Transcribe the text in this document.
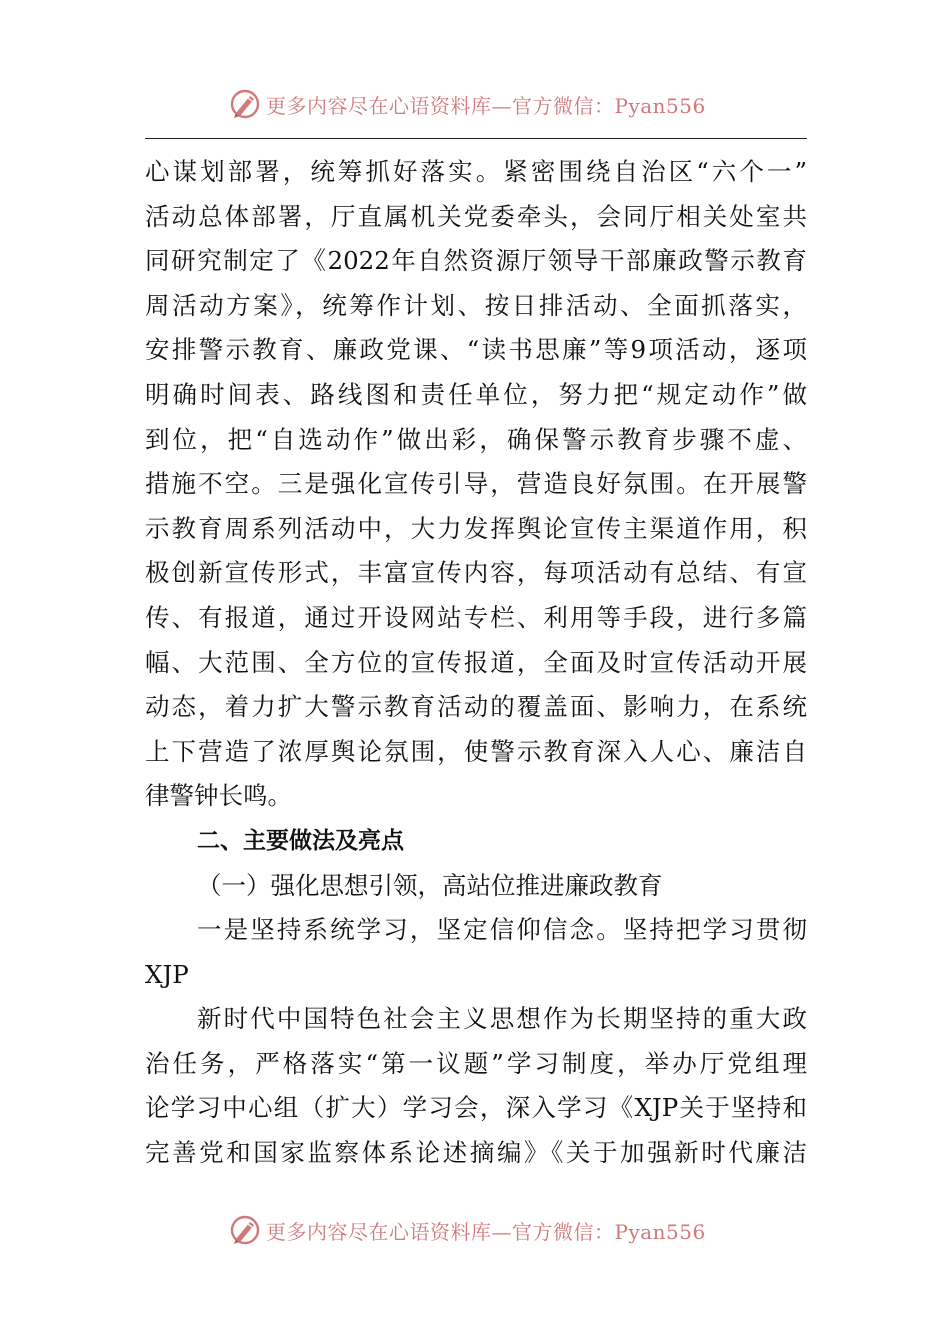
更多内容尽在心语资料库—官方微信：Pyan556
心谋划部署，统筹抓好落实。紧密围绕自治区“六个一”
活动总体部署，厅直属机关党委牵头，会同厅相关处室共
同研究制定了《2022年自然资源厅领导干部廉政警示教育
周活动方案》，统筹作计划、按日排活动、全面抓落实，
安排警示教育、廉政党课、“读书思廉”等9项活动，逐项
明确时间表、路线图和责任单位，努力把“规定动作”做
到位，把“自选动作”做出彩，确保警示教育步骤不虚、
措施不空。三是强化宣传引导，营造良好氛围。在开展警
示教育周系列活动中，大力发挥舆论宣传主渠道作用，积
极创新宣传形式，丰富宣传内容，每项活动有总结、有宣
传、有报道，通过开设网站专栏、利用等手段，进行多篇
幅、大范围、全方位的宣传报道，全面及时宣传活动开展
动态，着力扩大警示教育活动的覆盖面、影响力，在系统
上下营造了浓厚舆论氛围，使警示教育深入人心、廉洁自
律警钟长鸣。
二、主要做法及亮点
（一）强化思想引领，高站位推进廉政教育
一是坚持系统学习，坚定信仰信念。坚持把学习贯彻
XJP
新时代中国特色社会主义思想作为长期坚持的重大政
治任务，严格落实“第一议题”学习制度，举办厅党组理
论学习中心组（扩大）学习会，深入学习《XJP关于坚持和
完善党和国家监察体系论述摘编》《关于加强新时代廉洁
更多内容尽在心语资料库—官方微信：Pyan556
